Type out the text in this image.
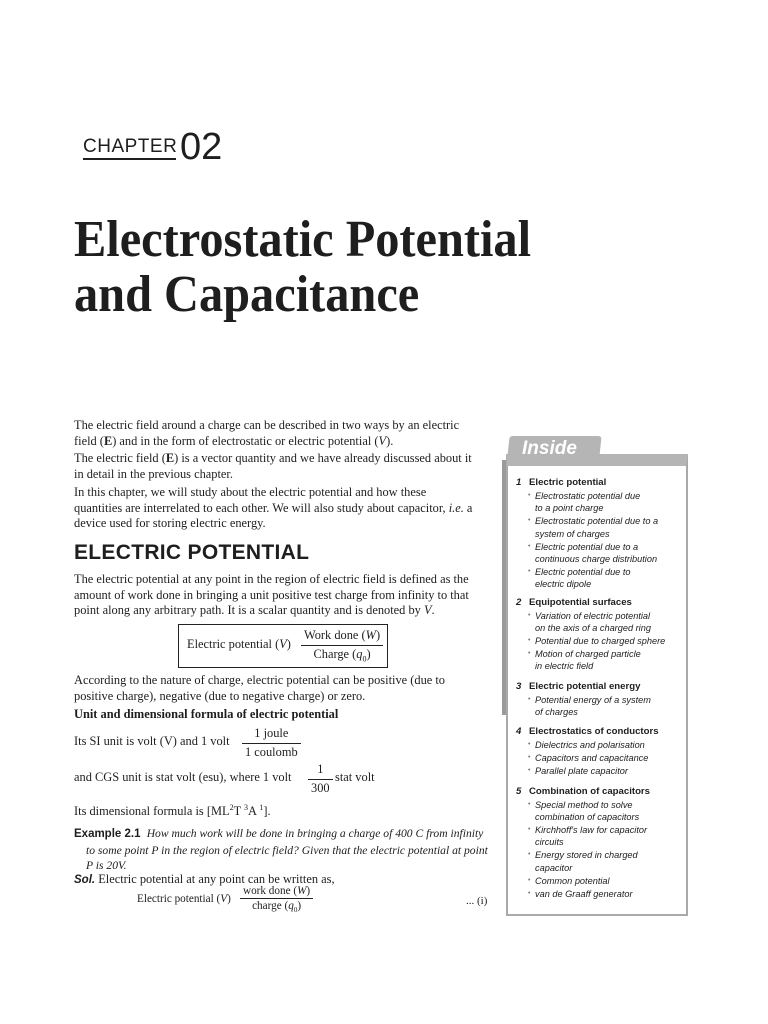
CHAPTER 02
Electrostatic Potential
and Capacitance
The electric field around a charge can be described in two ways by an electric
field (E) and in the form of electrostatic or electric potential (V).
The electric field (E) is a vector quantity and we have already discussed about it
in detail in the previous chapter.
In this chapter, we will study about the electric potential and how these
quantities are interrelated to each other. We will also study about capacitor, i.e. a
device used for storing electric energy.
ELECTRIC POTENTIAL
The electric potential at any point in the region of electric field is defined as the
amount of work done in bringing a unit positive test charge from infinity to that
point along any arbitrary path. It is a scalar quantity and is denoted by V.
Electric potential (V)
Work done (W)
Charge $(q_0)$
According to the nature of charge, electric potential can be positive (due to
positive charge), negative (due to negative charge) or zero.
Unit and dimensional formula of electric potential
Its SI unit is volt (V) and 1 volt
1 joule
1 coulomb
and CGS unit is stat volt (esu), where 1 volt $\frac{1}{300}$ stat volt
Its dimensional formula is [$ML^2T$ $^3$A $^1$].
Example 2.1 How much work will be done in bringing a charge of 400 C from infinity
to some point P in the region of electric field? Given that the electric potential at point
P is 20V.
Sol. Electric potential at any point can be written as,
Electric potential (V)
work done (W)
charge $(q_0)$	... (i)
Inside
1 Electric potential
• Electrostatic potential due
to a point charge
• Electrostatic potential due to a
system of charges
• Electric potential due to a
continuous charge distribution
• Electric potential due to
electric dipole
2 Equipotential surfaces
• Variation of electric potential
on the axis of a charged ring
• Potential due to charged sphere
• Motion of charged particle
in electric field
3 Electric potential energy
• Potential energy of a system
of charges
4 Electrostatics of conductors
• Dielectrics and polarisation
• Capacitors and capacitance
• Parallel plate capacitor
5 Combination of capacitors
• Special method to solve
combination of capacitors
• Kirchhoff's law for capacitor
circuits
• Energy stored in charged
capacitor
• Common potential
• van de Graaff generator
